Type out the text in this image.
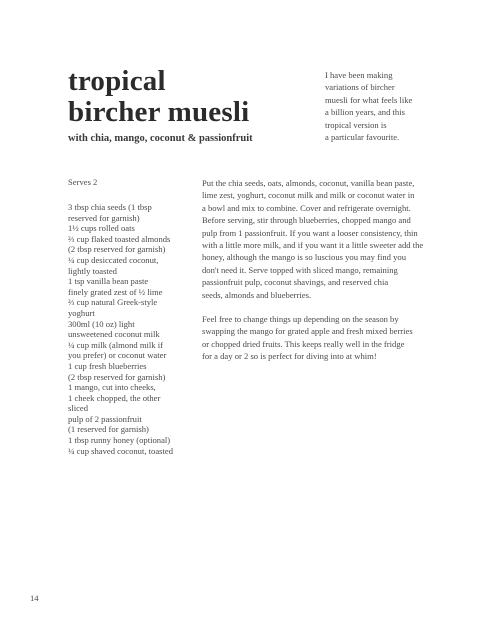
tropical
bircher muesli
with chia, mango, coconut & passionfruit
I have been making
variations of bircher
muesli for what feels like
a billion years, and this
tropical version is
a particular favourite.
Serves 2
3 tbsp chia seeds (1 tbsp
reserved for garnish)
1½ cups rolled oats
⅔ cup flaked toasted almonds
(2 tbsp reserved for garnish)
¼ cup desiccated coconut,
lightly toasted
1 tsp vanilla bean paste
finely grated zest of ½ lime
⅔ cup natural Greek-style
yoghurt
300ml (10 oz) light
unsweetened coconut milk
¼ cup milk (almond milk if
you prefer) or coconut water
1 cup fresh blueberries
(2 tbsp reserved for garnish)
1 mango, cut into cheeks,
1 cheek chopped, the other
sliced
pulp of 2 passionfruit
(1 reserved for garnish)
1 tbsp runny honey (optional)
¼ cup shaved coconut, toasted
Put the chia seeds, oats, almonds, coconut, vanilla bean paste,
lime zest, yoghurt, coconut milk and milk or coconut water in
a bowl and mix to combine. Cover and refrigerate overnight.
Before serving, stir through blueberries, chopped mango and
pulp from 1 passionfruit. If you want a looser consistency, thin
with a little more milk, and if you want it a little sweeter add the
honey, although the mango is so luscious you may find you
don't need it. Serve topped with sliced mango, remaining
passionfruit pulp, coconut shavings, and reserved chia
seeds, almonds and blueberries.
Feel free to change things up depending on the season by
swapping the mango for grated apple and fresh mixed berries
or chopped dried fruits. This keeps really well in the fridge
for a day or 2 so is perfect for diving into at whim!
14
